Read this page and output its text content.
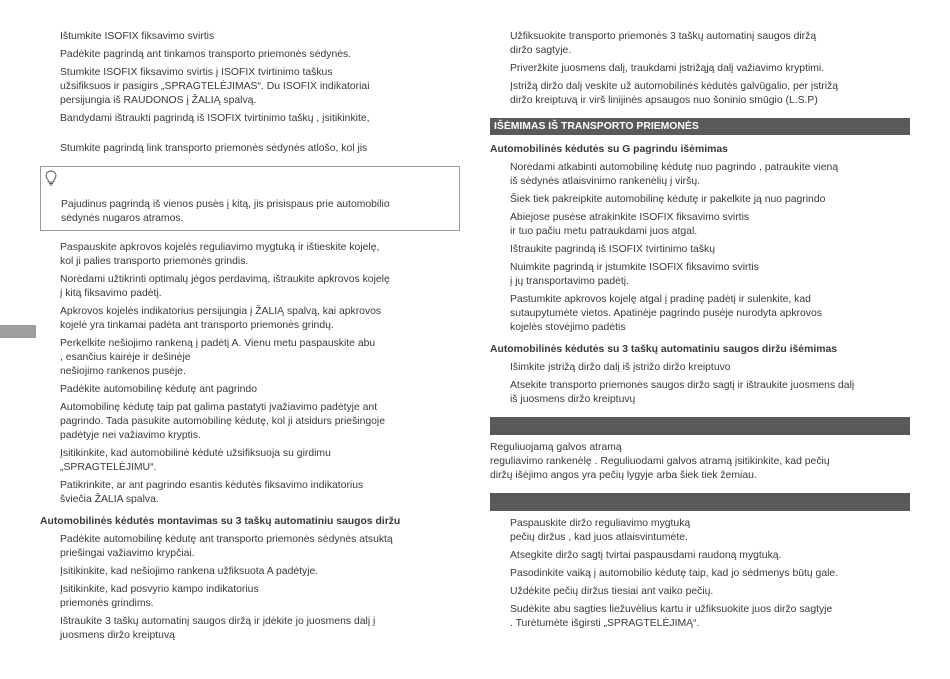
Ištumkite ISOFIX fiksavimo svirtis
Padėkite pagrindą ant tinkamos transporto priemonės sėdynės.
Stumkite ISOFIX fiksavimo svirtis į ISOFIX tvirtinimo taškus
užsifiksuos ir pasigirs „SPRAGTELĖJIMAS“. Du ISOFIX indikatoriai
persijungia iš RAUDONOS į ŽALIĄ spalvą.
Bandydami ištraukti pagrindą iš ISOFIX tvirtinimo taškų , įsitikinkite,
Stumkite pagrindą link transporto priemonės sėdynės atlošo, kol jis

Pajudinus pagrindą iš vienos pusės į kitą, jis prisispaus prie automobilio
sėdynės nugaros atramos.

Paspauskite apkrovos kojelės reguliavimo mygtuką ir ištieskite kojelę,
kol ji palies transporto priemonės grindis.
Norėdami užtikrinti optimalų jėgos perdavimą, ištraukite apkrovos kojelę
į kitą fiksavimo padėtį.
Apkrovos kojelės indikatorius persijungia į ŽALIĄ spalvą, kai apkrovos
kojelė yra tinkamai padėta ant transporto priemonės grindų.
Perkelkite nešiojimo rankeną į padėtį A. Vienu metu paspauskite abu
, esančius kairėje ir dešinėje
nešiojimo rankenos pusėje.
Padėkite automobilinę kėdutę ant pagrindo
Automobilinę kėdutę taip pat galima pastatyti įvažiavimo padėtyje ant
pagrindo. Tada pasukite automobilinę kėdutę, kol ji atsidurs priešingoje
padėtyje nei važiavimo kryptis.
Įsitikinkite, kad automobilinė kėdutė užsifiksuoja su girdimu
„SPRAGTELĖJIMU“.
Patikrinkite, ar ant pagrindo esantis kėdutės fiksavimo indikatorius
šviečia ŽALIA spalva.
Automobilinės kėdutės montavimas su 3 taškų automatiniu saugos diržu
Padėkite automobilinę kėdutę ant transporto priemonės sėdynės atsuktą
priešingai važiavimo krypčiai.
Įsitikinkite, kad nešiojimo rankena užfiksuota A padėtyje.
Įsitikinkite, kad posvyrio kampo indikatorius
priemonės grindims.
Ištraukite 3 taškų automatinį saugos diržą ir įdėkite jo juosmens dalį į
juosmens diržo kreiptuvą
Užfiksuokite transporto priemonės 3 taškų automatinį saugos diržą
diržo sagtyje.
Priveržkite juosmens dalį, traukdami įstrižąją dalį važiavimo kryptimi.
Įstrižą diržo dalį veskite už automobilinės kėdutės galvūgalio, per įstrižą
diržo kreiptuvą ir virš linijinės apsaugos nuo šoninio smūgio (L.S.P)
IŠĖMIMAS IŠ TRANSPORTO PRIEMONĖS
Automobilinės kėdutės su G pagrindu išėmimas
Norėdami atkabinti automobilinę kėdutę nuo pagrindo , patraukite vieną
iš sėdynės atlaisvinimo rankenėlių į viršų.
Šiek tiek pakreipkite automobilinę kėdutę ir pakelkite ją nuo pagrindo
Abiejose pusėse atrakinkite ISOFIX fiksavimo svirtis
ir tuo pačiu metu patraukdami juos atgal.
Ištraukite pagrindą iš ISOFIX tvirtinimo taškų
Nuimkite pagrindą ir įstumkite ISOFIX fiksavimo svirtis
į jų transportavimo padėtį.
Pastumkite apkrovos kojelę atgal į pradinę padėtį ir sulenkite, kad
sutaupytumėte vietos. Apatinėje pagrindo pusėje nurodyta apkrovos
kojelės stovėjimo padėtis
Automobilinės kėdutės su 3 taškų automatiniu saugos diržu išėmimas
Išimkite įstrižą diržo dalį iš įstrižo diržo kreiptuvo
Atsekite transporto priemonės saugos diržo sagtį ir ištraukite juosmens dalį
iš juosmens diržo kreiptuvų
Reguliuojamą galvos atramą
reguliavimo rankenėlę . Reguliuodami galvos atramą įsitikinkite, kad pečių
diržų išėjimo angos yra pečių lygyje arba šiek tiek žemiau.
Paspauskite diržo reguliavimo mygtuką
pečių diržus , kad juos atlaisvintumėte.
Atsegkite diržo sagtį tvirtai paspausdami raudoną mygtuką.
Pasodinkite vaiką į automobilio kėdutę taip, kad jo sėdmenys būtų gale.
Uždėkite pečių diržus tiesiai ant vaiko pečių.
Sudėkite abu sagties liežuvėlius kartu ir užfiksuokite juos diržo sagtyje
. Turėtumėte išgirsti „SPRAGTELĖJIMĄ“.
